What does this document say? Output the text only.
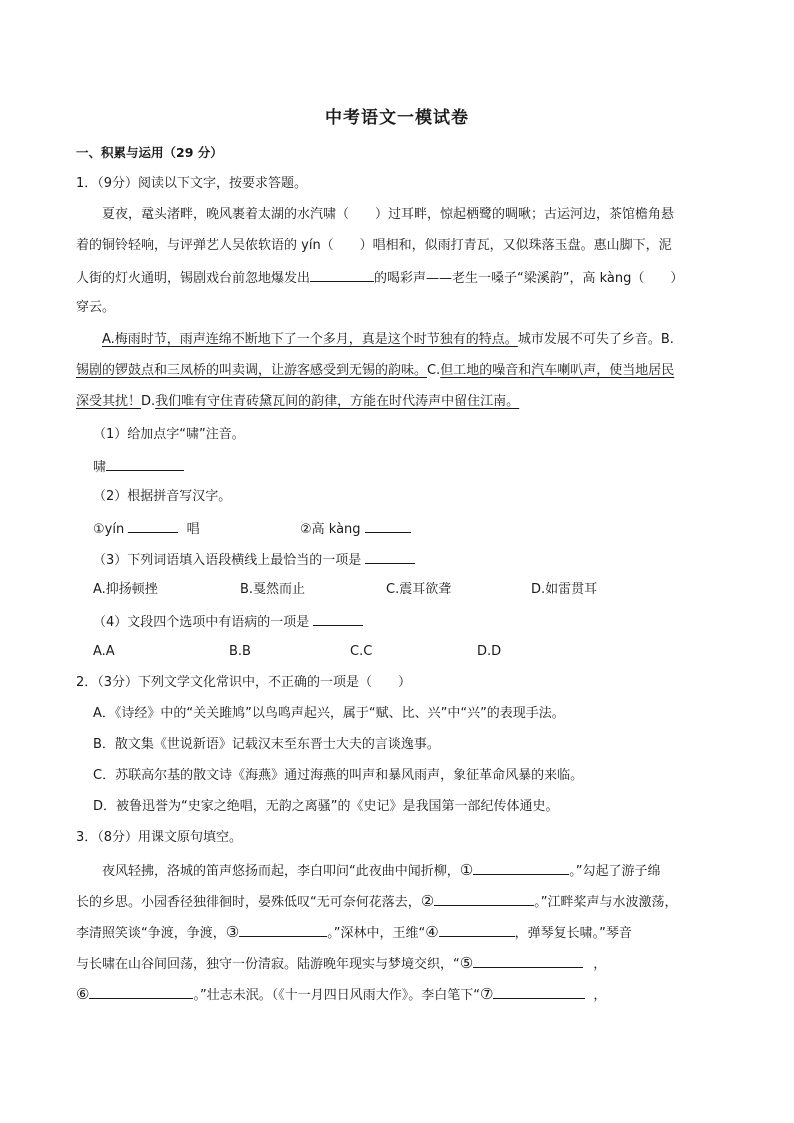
中考语文一模试卷
一、积累与运用（29 分）
1．（9分）阅读以下文字，按要求答题。
夏夜，鼋头渚畔，晚风裹着太湖的水汽啸（　　）过耳畔，惊起栖鹭的啁啾；古运河边，茶馆檐角悬
着的铜铃轻响，与评弹艺人吴侬软语的 yín（　　）唱相和，似雨打青瓦，又似珠落玉盘。惠山脚下，泥
人街的灯火通明，锡剧戏台前忽地爆发出	的喝彩声——老生一嗓子“梁溪韵”，高 kàng（　　）
穿云。
A.梅雨时节，雨声连绵不断地下了一个多月，真是这个时节独有的特点。城市发展不可失了乡音。B.
锡剧的锣鼓点和三凤桥的叫卖调，让游客感受到无锡的韵味。C.但工地的噪音和汽车喇叭声，使当地居民
深受其扰！D.我们唯有守住青砖黛瓦间的韵律，方能在时代涛声中留住江南。
（1）给加点字“啸”注音。
啸
（2）根据拼音写汉字。
①yín	唱	②高 kàng
（3）下列词语填入语段横线上最恰当的一项是
A.抑扬顿挫	B.戛然而止	C.震耳欲聋	D.如雷贯耳
（4）文段四个选项中有语病的一项是
A.A	B.B	C.C	D.D
2．（3分）下列文学文化常识中，不正确的一项是（　　）
A．《诗经》中的“关关雎鸠”以鸟鸣声起兴，属于“赋、比、兴”中“兴”的表现手法。
B．散文集《世说新语》记载汉末至东晋士大夫的言谈逸事。
C．苏联高尔基的散文诗《海燕》通过海燕的叫声和暴风雨声，象征革命风暴的来临。
D．被鲁迅誉为“史家之绝唱，无韵之离骚”的《史记》是我国第一部纪传体通史。
3．（8分）用课文原句填空。
夜风轻拂，洛城的笛声悠扬而起，李白叩问“此夜曲中闻折柳，①	。”勾起了游子绵
长的乡思。小园香径独徘徊时，晏殊低叹“无可奈何花落去，②	。”江畔桨声与水波激荡，
李清照笑谈“争渡，争渡，③	。”深林中，王维“④	，弹琴复长啸。”琴音
与长啸在山谷间回荡，独守一份清寂。陆游晚年现实与梦境交织，“⑤	，
⑥	。”壮志未泯。（《十一月四日风雨大作》。李白笔下“⑦	，
